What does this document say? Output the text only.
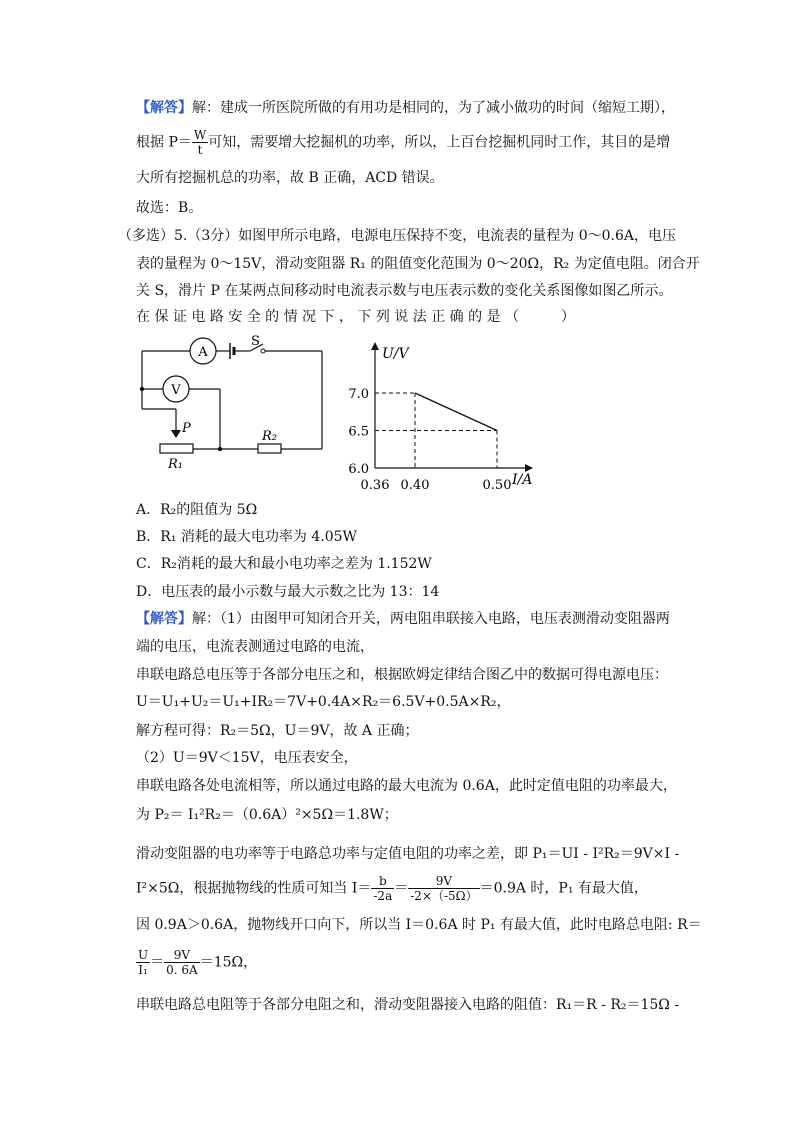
【解答】解：建成一所医院所做的有用功是相同的，为了减小做功的时间（缩短工期），
根据 $P= \frac{W}{t}$ 可知，需要增大挖掘机的功率，所以，上百台挖掘机同时工作，其目的是增
大所有挖掘机总的功率，故 B 正确，ACD 错误。
故选：B。
（多选）5.（3分）如图甲所示电路，电源电压保持不变，电流表的量程为 0～0.6A，电压
表的量程为 0～15V，滑动变阻器 R₁ 的阻值变化范围为 0～20Ω，R₂ 为定值电阻。闭合开
关 S，滑片 P 在某两点间移动时电流表示数与电压表示数的变化关系图像如图乙所示。
在 保 证 电 路 安 全 的 情 况 下 ， 下 列 说 法 正 确 的 是 （　　　）
A
V
S
P
R₁
R₂
U/V
I/A
0.36 0.40	0.50
6.0
6.5
7.0
A．R₂的阻值为 5Ω
B．R₁ 消耗的最大电功率为 4.05W
C．R₂消耗的最大和最小电功率之差为 1.152W
D．电压表的最小示数与最大示数之比为 13：14
【解答】解：（1）由图甲可知闭合开关，两电阻串联接入电路，电压表测滑动变阻器两
端的电压，电流表测通过电路的电流，
串联电路总电压等于各部分电压之和，根据欧姆定律结合图乙中的数据可得电源电压：
U＝U₁+U₂＝U₁+IR₂＝7V+0.4A×R₂＝6.5V+0.5A×R₂，
解方程可得：R₂＝5Ω，U＝9V，故 A 正确；
（2）U＝9V＜15V，电压表安全，
串联电路各处电流相等，所以通过电路的最大电流为 0.6A，此时定值电阻的功率最大，
为 P₂＝ I₁²R₂＝（0.6A）²×5Ω＝1.8W；
滑动变阻器的电功率等于电路总功率与定值电阻的功率之差，即 P₁＝UI - I²R₂＝9V×I -
I²×5Ω，根据抛物线的性质可知当 $I= \frac{b}{-2a} = \frac{9V}{-2\times(-5\Omega)} =0.9A$ 时，P₁ 有最大值，
因 0.9A＞0.6A，抛物线开口向下，所以当 I＝0.6A 时 P₁ 有最大值，此时电路总电阻: R＝
$\frac{U}{\text{I₁}} = \frac{9V}{0. 6A} =15\Omega$，
串联电路总电阻等于各部分电阻之和，滑动变阻器接入电路的阻值：R₁＝R - R₂＝15Ω -
